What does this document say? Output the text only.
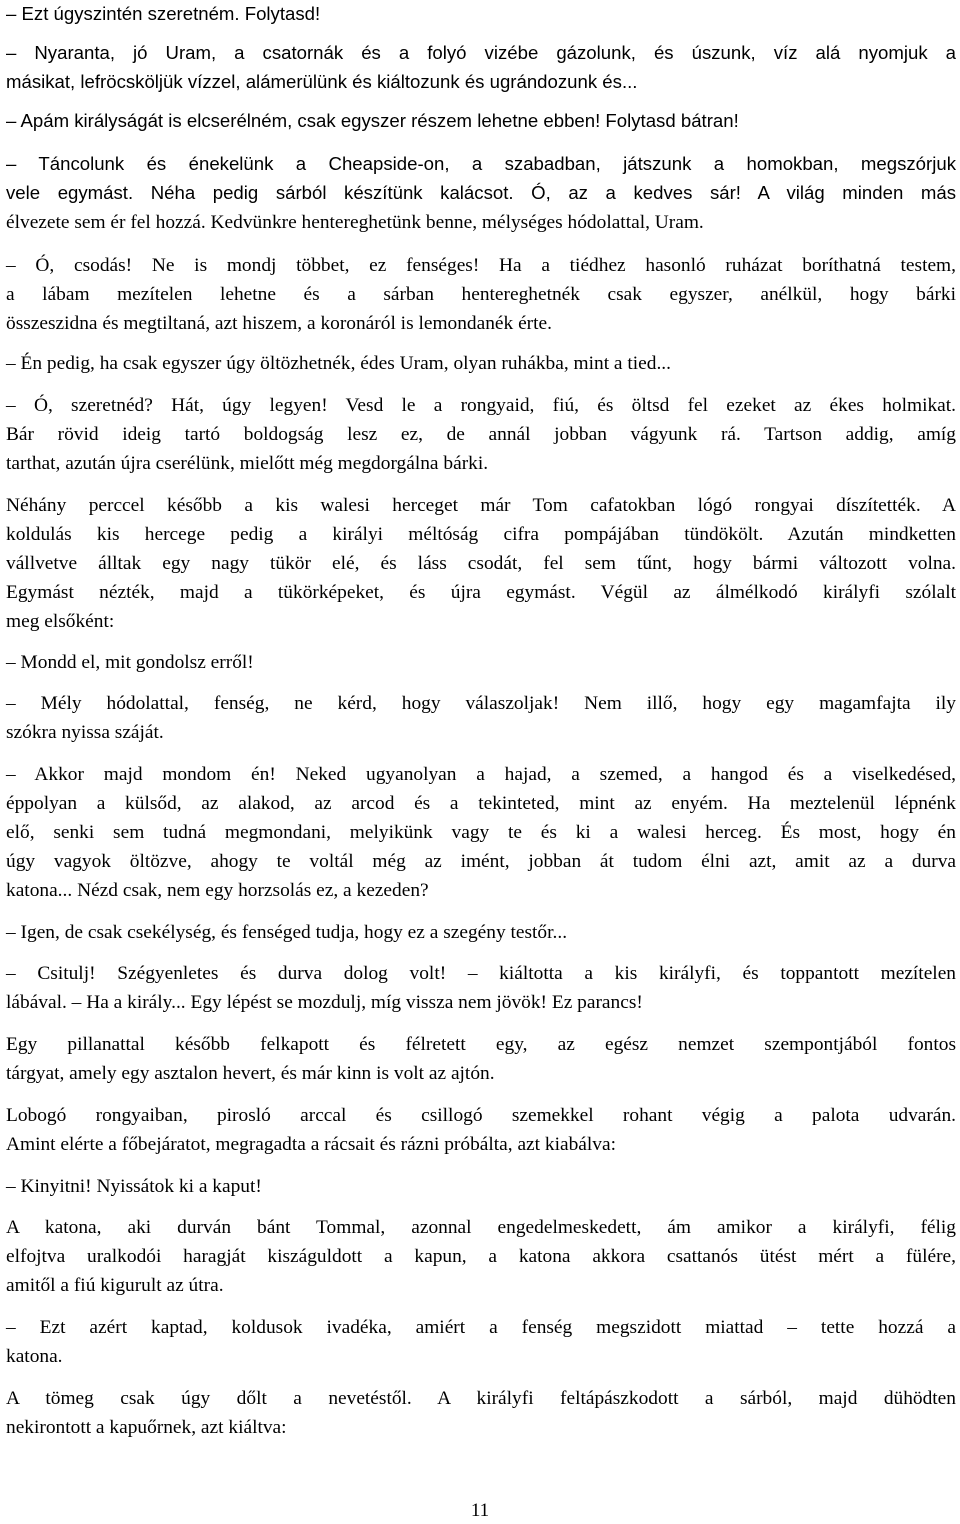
– Ezt úgyszintén szeretném. Folytasd!
– Nyaranta, jó Uram, a csatornák és a folyó vizébe gázolunk, és úszunk, víz alá nyomjuk a
másikat, lefröcsköljük vízzel, alámerülünk és kiáltozunk és ugrándozunk és...
– Apám királyságát is elcserélném, csak egyszer részem lehetne ebben! Folytasd bátran!
– Táncolunk és énekelünk a Cheapside-on, a szabadban, játszunk a homokban, megszórjuk
vele egymást. Néha pedig sárból készítünk kalácsot. Ó, az a kedves sár! A világ minden más
élvezete sem ér fel hozzá. Kedvünkre hentereghetünk benne, mélységes hódolattal, Uram.
– Ó, csodás! Ne is mondj többet, ez fenséges! Ha a tiédhez hasonló ruházat boríthatná testem,
a lábam mezítelen lehetne és a sárban hentereghetnék csak egyszer, anélkül, hogy bárki
összeszidna és megtiltaná, azt hiszem, a koronáról is lemondanék érte.
– Én pedig, ha csak egyszer úgy öltözhetnék, édes Uram, olyan ruhákba, mint a tied...
– Ó, szeretnéd? Hát, úgy legyen! Vesd le a rongyaid, fiú, és öltsd fel ezeket az ékes holmikat.
Bár rövid ideig tartó boldogság lesz ez, de annál jobban vágyunk rá. Tartson addig, amíg
tarthat, azután újra cserélünk, mielőtt még megdorgálna bárki.
Néhány perccel később a kis walesi herceget már Tom cafatokban lógó rongyai díszítették. A
koldulás kis hercege pedig a királyi méltóság cifra pompájában tündökölt. Azután mindketten
vállvetve álltak egy nagy tükör elé, és láss csodát, fel sem tűnt, hogy bármi változott volna.
Egymást nézték, majd a tükörképeket, és újra egymást. Végül az álmélkodó királyfi szólalt
meg elsőként:
– Mondd el, mit gondolsz erről!
– Mély hódolattal, fenség, ne kérd, hogy válaszoljak! Nem illő, hogy egy magamfajta ily
szókra nyissa száját.
– Akkor majd mondom én! Neked ugyanolyan a hajad, a szemed, a hangod és a viselkedésed,
éppolyan a külsőd, az alakod, az arcod és a tekinteted, mint az enyém. Ha meztelenül lépnénk
elő, senki sem tudná megmondani, melyikünk vagy te és ki a walesi herceg. És most, hogy én
úgy vagyok öltözve, ahogy te voltál még az imént, jobban át tudom élni azt, amit az a durva
katona... Nézd csak, nem egy horzsolás ez, a kezeden?
– Igen, de csak csekélység, és fenséged tudja, hogy ez a szegény testőr...
– Csitulj! Szégyenletes és durva dolog volt! – kiáltotta a kis királyfi, és toppantott mezítelen
lábával. – Ha a király... Egy lépést se mozdulj, míg vissza nem jövök! Ez parancs!
Egy pillanattal később felkapott és félretett egy, az egész nemzet szempontjából fontos
tárgyat, amely egy asztalon hevert, és már kinn is volt az ajtón.
Lobogó rongyaiban, pirosló arccal és csillogó szemekkel rohant végig a palota udvarán.
Amint elérte a főbejáratot, megragadta a rácsait és rázni próbálta, azt kiabálva:
– Kinyitni! Nyissátok ki a kaput!
A katona, aki durván bánt Tommal, azonnal engedelmeskedett, ám amikor a királyfi, félig
elfojtva uralkodói haragját kiszáguldott a kapun, a katona akkora csattanós ütést mért a fülére,
amitől a fiú kigurult az útra.
– Ezt azért kaptad, koldusok ivadéka, amiért a fenség megszidott miattad – tette hozzá a
katona.
A tömeg csak úgy dőlt a nevetéstől. A királyfi feltápászkodott a sárból, majd dühödten
nekirontott a kapuőrnek, azt kiáltva:
11
